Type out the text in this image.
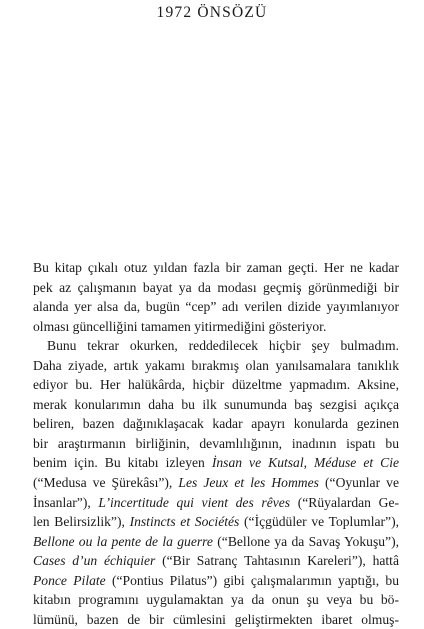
1972 ÖNSÖZÜ
Bu kitap çıkalı otuz yıldan fazla bir zaman geçti. Her ne kadar
pek az çalışmanın bayat ya da modası geçmiş görünmediği bir
alanda yer alsa da, bugün “cep” adı verilen dizide yayımlanıyor
olması güncelliğini tamamen yitirmediğini gösteriyor.
Bunu tekrar okurken, reddedilecek hiçbir şey bulmadım.
Daha ziyade, artık yakamı bırakmış olan yanılsamalara tanıklık
ediyor bu. Her halükârda, hiçbir düzeltme yapmadım. Aksine,
merak konularımın daha bu ilk sunumunda baş sezgisi açıkça
beliren, bazen dağınıklaşacak kadar apayrı konularda gezinen
bir araştırmanın birliğinin, devamlılığının, inadının ispatı bu
benim için. Bu kitabı izleyen İnsan ve Kutsal, Méduse et Cie
(“Medusa ve Şürekâsı”), Les Jeux et les Hommes (“Oyunlar ve
İnsanlar”), L’incertitude qui vient des rêves (“Rüyalardan Ge-
len Belirsizlik”), Instincts et Sociétés (“İçgüdüler ve Toplumlar”),
Bellone ou la pente de la guerre (“Bellone ya da Savaş Yokuşu”),
Cases d’un échiquier (“Bir Satranç Tahtasının Kareleri”), hattâ
Ponce Pilate (“Pontius Pilatus”) gibi çalışmalarımın yaptığı, bu
kitabın programını uygulamaktan ya da onun şu veya bu bö-
lümünü, bazen de bir cümlesini geliştirmekten ibaret olmuş-
